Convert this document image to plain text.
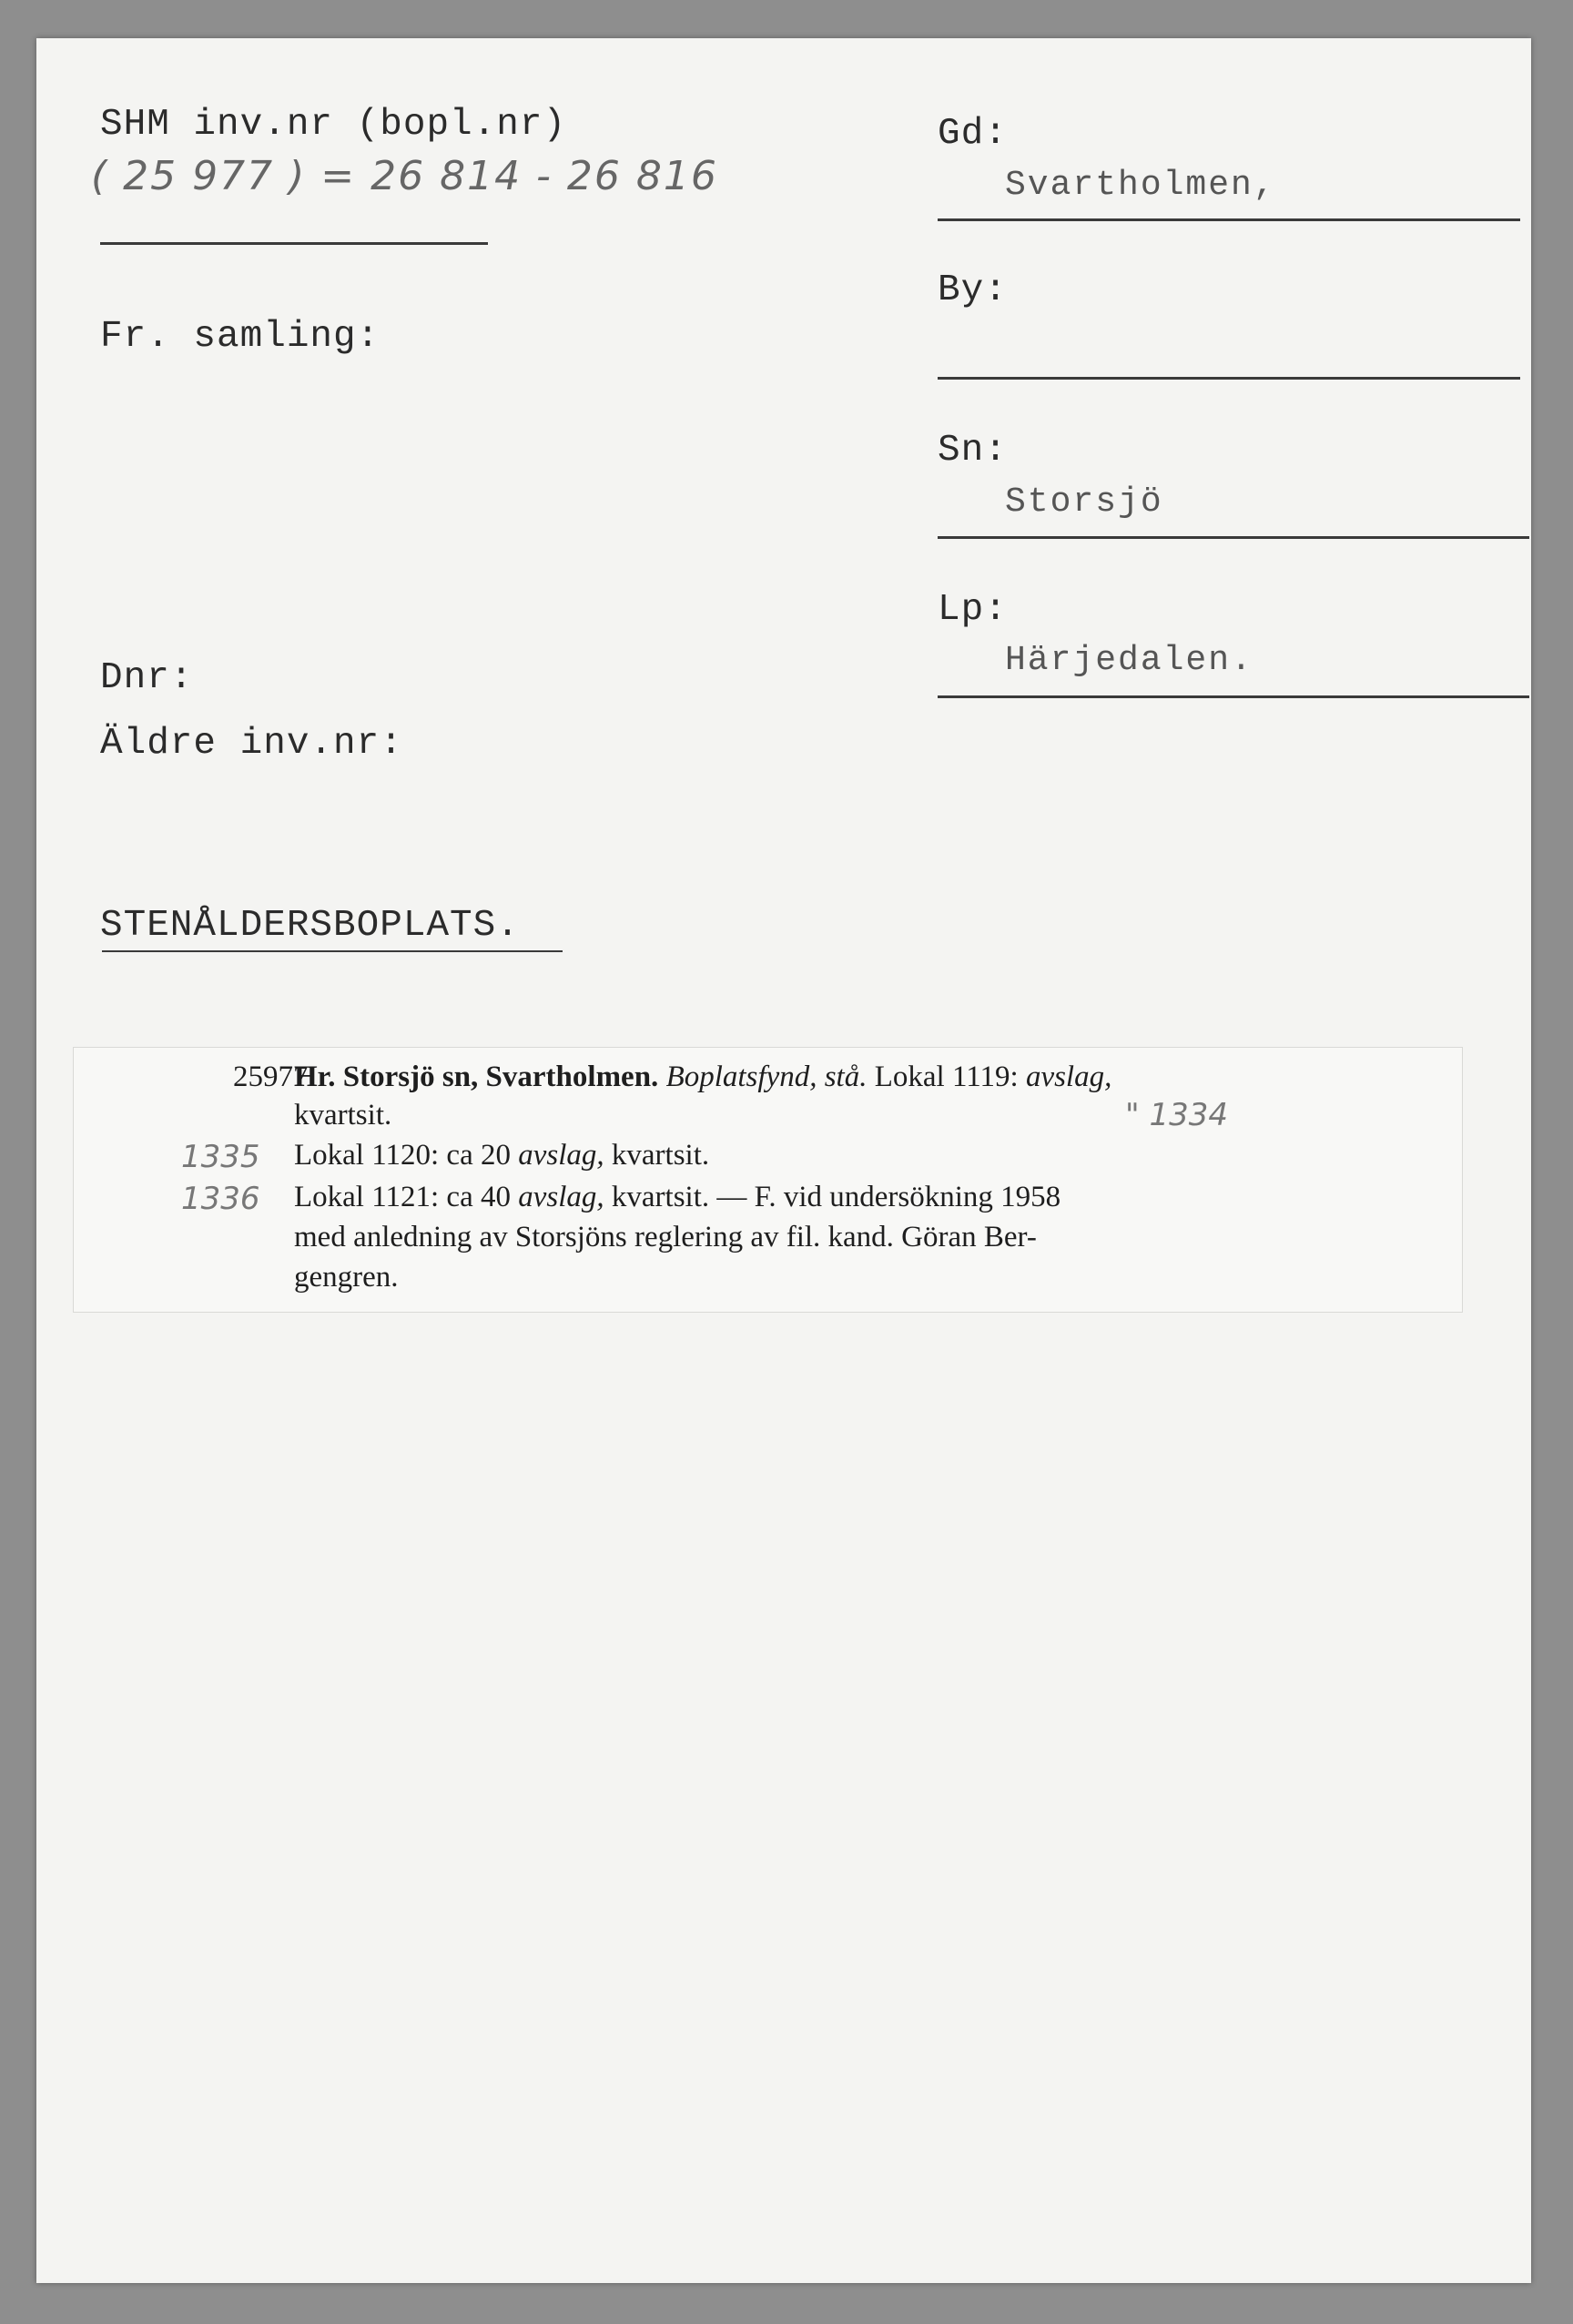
SHM inv.nr (bopl.nr)
( 25 977 ) = 26 814 - 26 816
Fr. samling:
Dnr:
Äldre inv.nr:
STENÅLDERSBOPLATS.
Gd:
Svartholmen,
By:
Sn:
Storsjö
Lp:
Härjedalen.
25977
Hr. Storsjö sn, Svartholmen. Boplatsfynd, stå. Lokal 1119: avslag,
kvartsit.	" 1334
1335 Lokal 1120: ca 20 avslag, kvartsit.
1336 Lokal 1121: ca 40 avslag, kvartsit. — F. vid undersökning 1958
med anledning av Storsjöns reglering av fil. kand. Göran Ber-
gengren.
